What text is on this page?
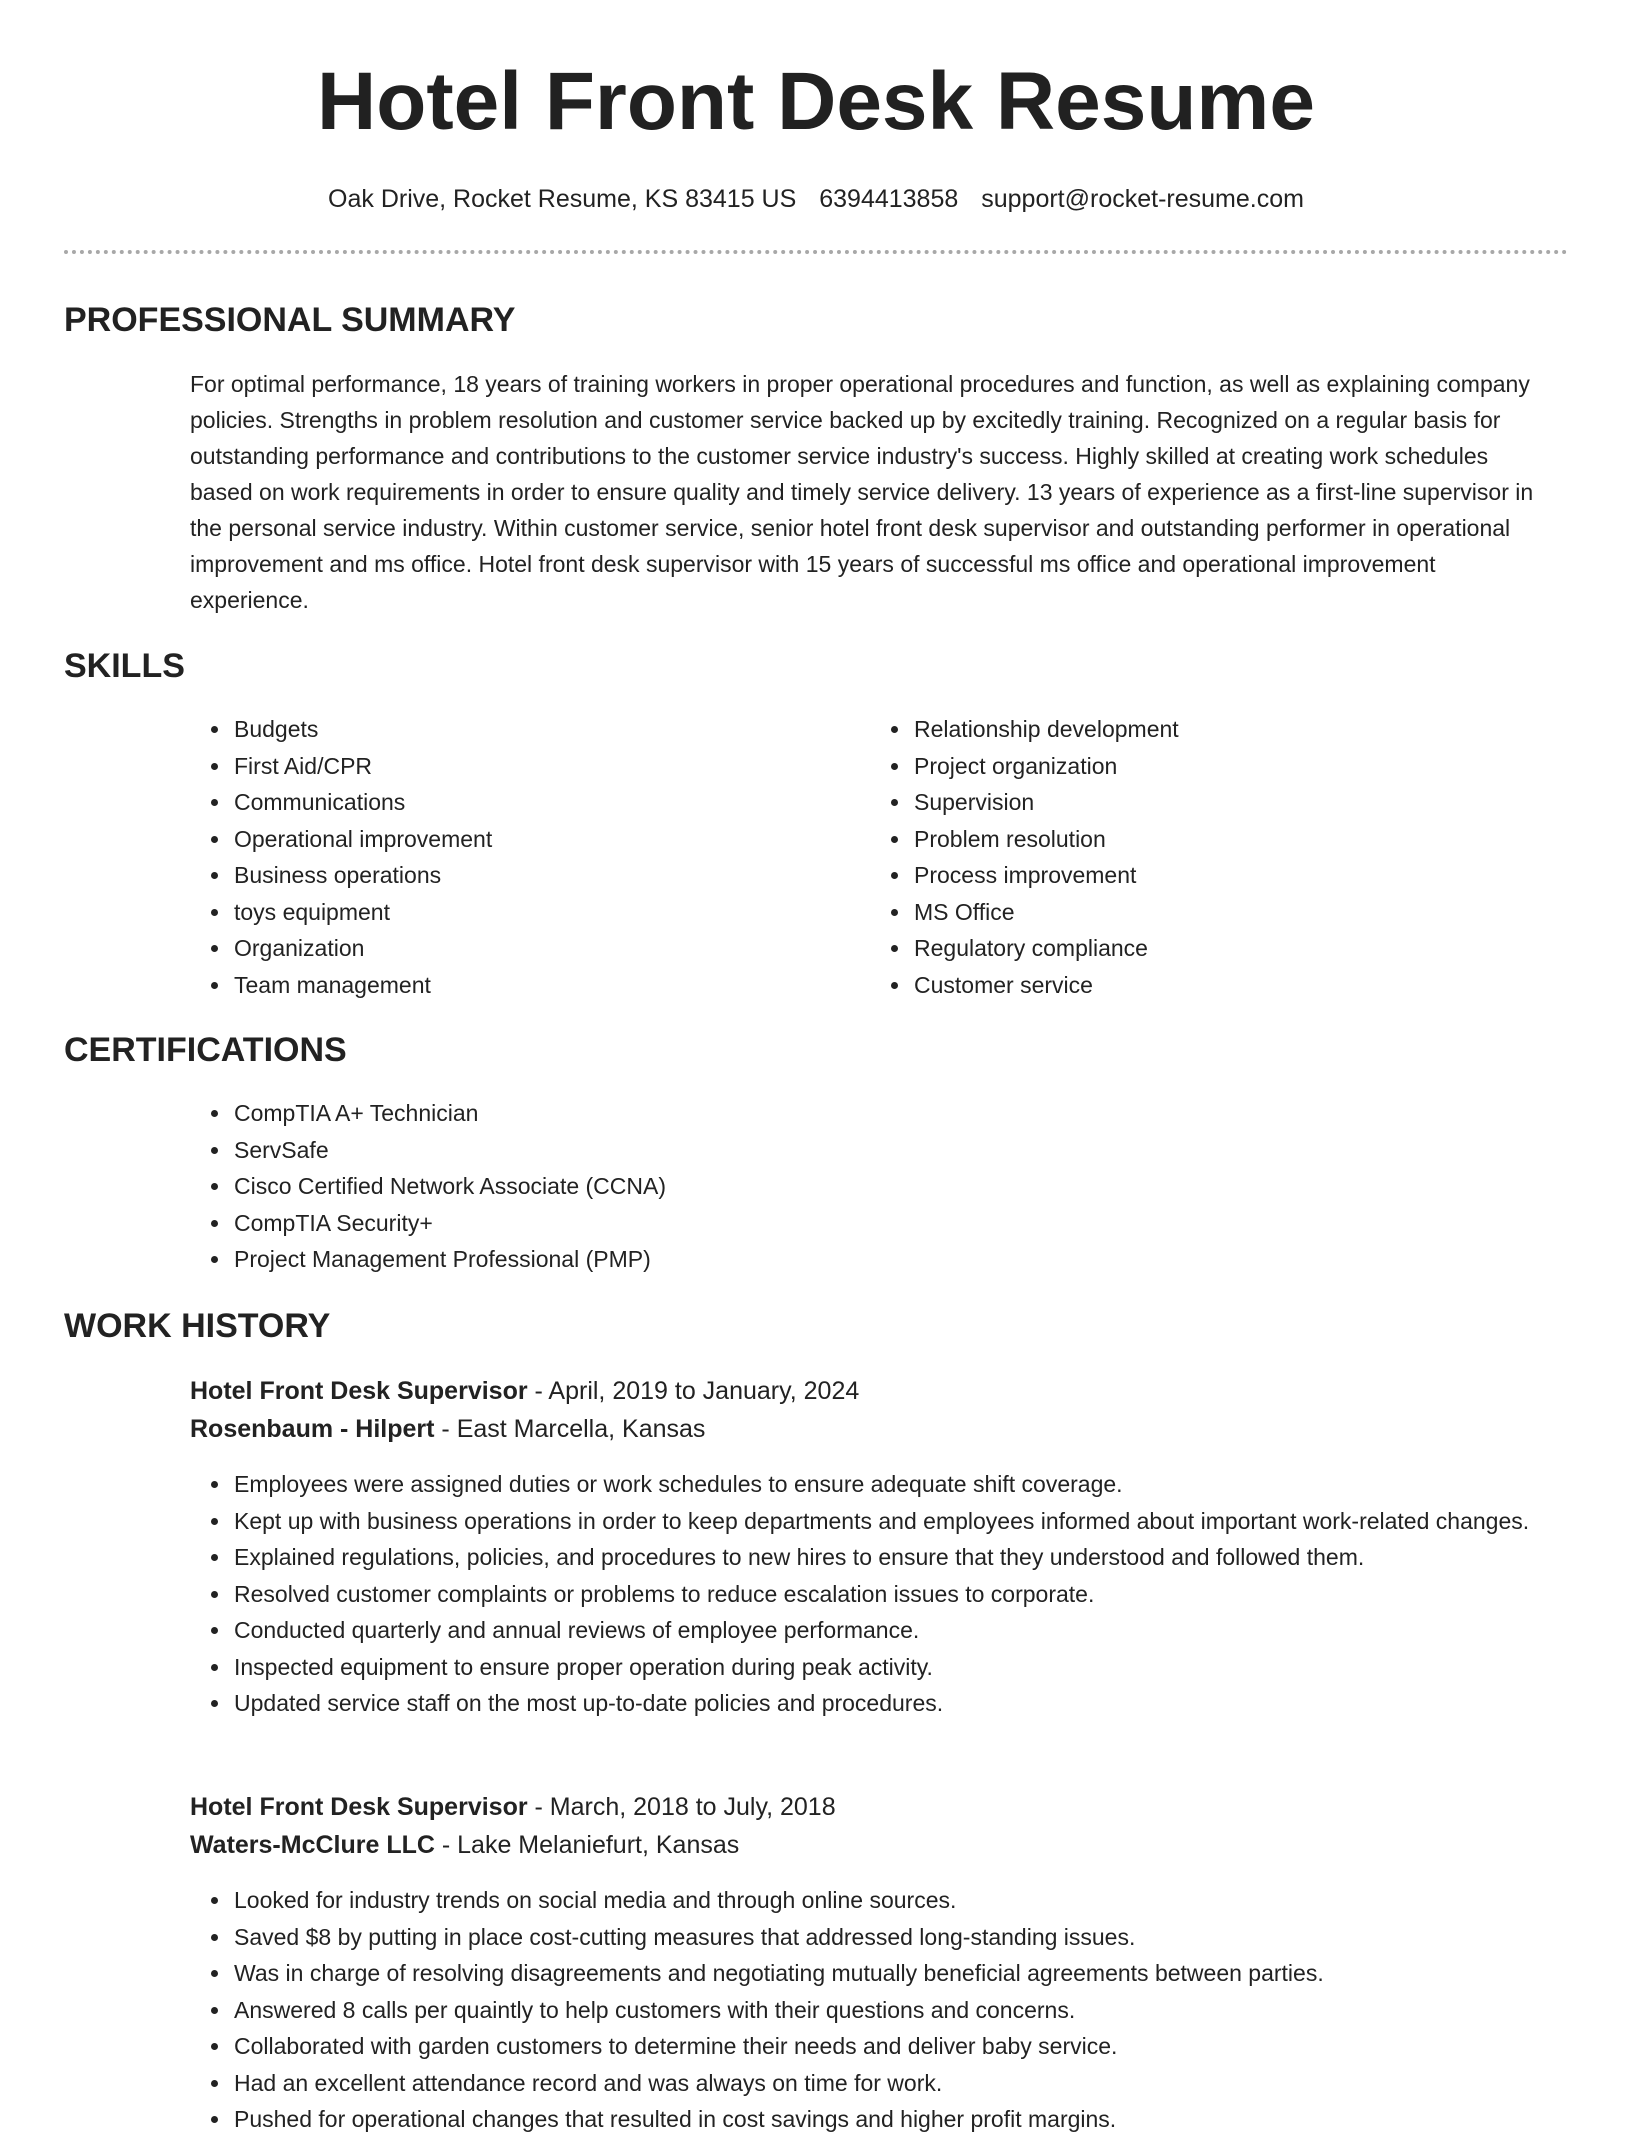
Hotel Front Desk Resume
Oak Drive, Rocket Resume, KS 83415 US 6394413858 support@rocket-resume.com
PROFESSIONAL SUMMARY

For optimal performance, 18 years of training workers in proper operational procedures and function, as well as explaining company policies. Strengths in problem resolution and customer service backed up by excitedly training. Recognized on a regular basis for outstanding performance and contributions to the customer service industry's success. Highly skilled at creating work schedules based on work requirements in order to ensure quality and timely service delivery. 13 years of experience as a first-line supervisor in the personal service industry. Within customer service, senior hotel front desk supervisor and outstanding performer in operational improvement and ms office. Hotel front desk supervisor with 15 years of successful ms office and operational improvement experience.

SKILLS
• Budgets
• First Aid/CPR
• Communications
• Operational improvement
• Business operations
• toys equipment
• Organization
• Team management
• Relationship development
• Project organization
• Supervision
• Problem resolution
• Process improvement
• MS Office
• Regulatory compliance
• Customer service
CERTIFICATIONS
• CompTIA A+ Technician
• ServSafe
• Cisco Certified Network Associate (CCNA)
• CompTIA Security+
• Project Management Professional (PMP)
WORK HISTORY
Hotel Front Desk Supervisor - April, 2019 to January, 2024
Rosenbaum - Hilpert - East Marcella, Kansas
• Employees were assigned duties or work schedules to ensure adequate shift coverage.
• Kept up with business operations in order to keep departments and employees informed about important work-related changes.
• Explained regulations, policies, and procedures to new hires to ensure that they understood and followed them.
• Resolved customer complaints or problems to reduce escalation issues to corporate.
• Conducted quarterly and annual reviews of employee performance.
• Inspected equipment to ensure proper operation during peak activity.
• Updated service staff on the most up-to-date policies and procedures.
Hotel Front Desk Supervisor - March, 2018 to July, 2018
Waters-McClure LLC - Lake Melaniefurt, Kansas
• Looked for industry trends on social media and through online sources.
• Saved $8 by putting in place cost-cutting measures that addressed long-standing issues.
• Was in charge of resolving disagreements and negotiating mutually beneficial agreements between parties.
• Answered 8 calls per quaintly to help customers with their questions and concerns.
• Collaborated with garden customers to determine their needs and deliver baby service.
• Had an excellent attendance record and was always on time for work.
• Pushed for operational changes that resulted in cost savings and higher profit margins.
